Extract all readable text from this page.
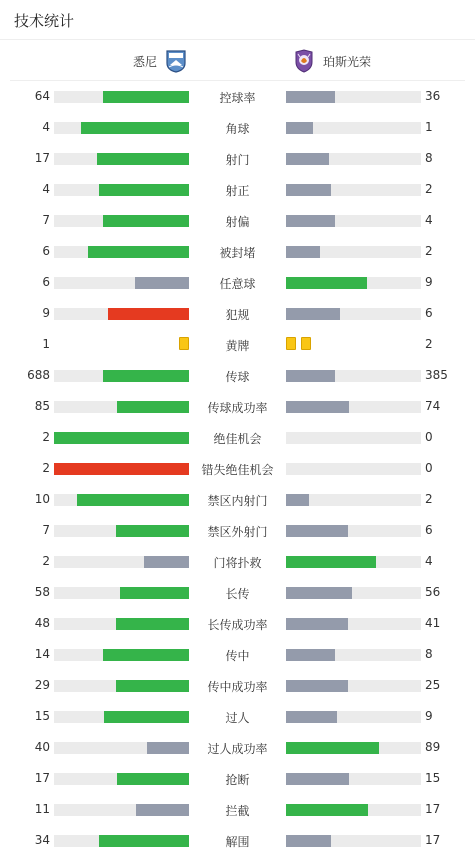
技术统计
悉尼	珀斯光荣
64	控球率	36
4	角球	1
17	射门	8
4	射正	2
7	射偏	4
6	被封堵	2
6	任意球	9
9	犯规	6
1	黄牌	2
688	传球	385
85	传球成功率	74
2	绝佳机会	0
2	错失绝佳机会	0
10	禁区内射门	2
7	禁区外射门	6
2	门将扑救	4
58	长传	56
48	长传成功率	41
14	传中	8
29	传中成功率	25
15	过人	9
40	过人成功率	89
17	抢断	15
11	拦截	17
34	解围	17
